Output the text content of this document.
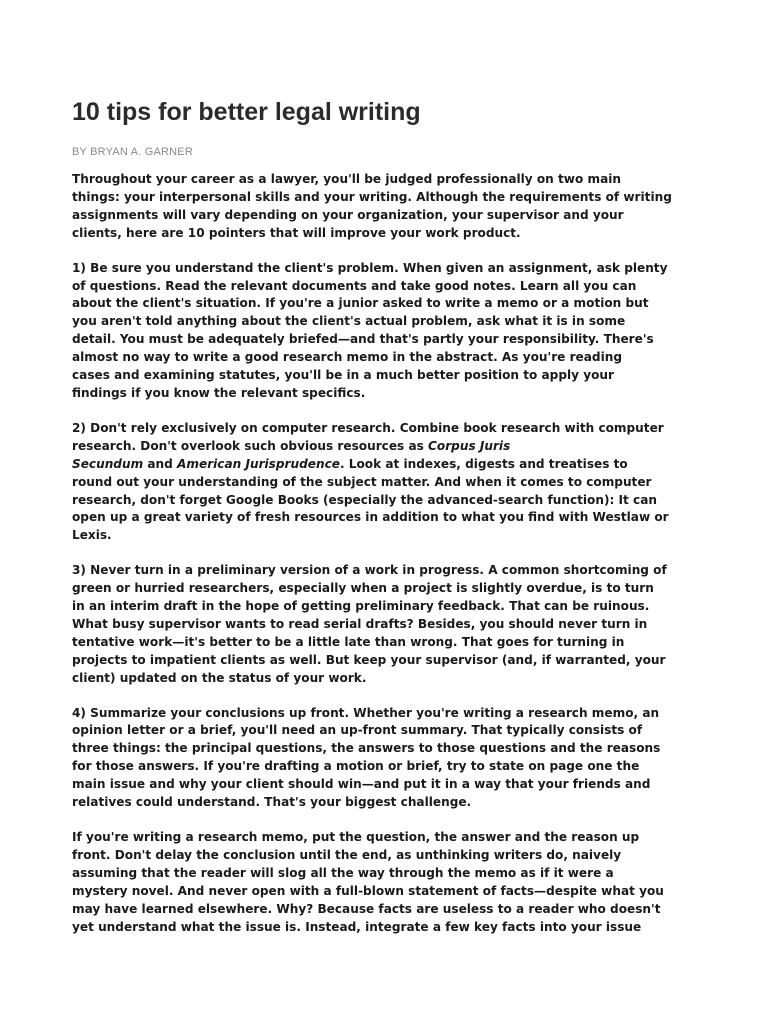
10 tips for better legal writing
BY BRYAN A. GARNER

Throughout your career as a lawyer, you'll be judged professionally on two main
things: your interpersonal skills and your writing. Although the requirements of writing
assignments will vary depending on your organization, your supervisor and your
clients, here are 10 pointers that will improve your work product.

1) Be sure you understand the client's problem. When given an assignment, ask plenty
of questions. Read the relevant documents and take good notes. Learn all you can
about the client's situation. If you're a junior asked to write a memo or a motion but
you aren't told anything about the client's actual problem, ask what it is in some
detail. You must be adequately briefed—and that's partly your responsibility. There's
almost no way to write a good research memo in the abstract. As you're reading
cases and examining statutes, you'll be in a much better position to apply your
findings if you know the relevant specifics.

2) Don't rely exclusively on computer research. Combine book research with computer
research. Don't overlook such obvious resources as Corpus Juris
Secundum and American Jurisprudence. Look at indexes, digests and treatises to
round out your understanding of the subject matter. And when it comes to computer
research, don't forget Google Books (especially the advanced-search function): It can
open up a great variety of fresh resources in addition to what you find with Westlaw or
Lexis.

3) Never turn in a preliminary version of a work in progress. A common shortcoming of
green or hurried researchers, especially when a project is slightly overdue, is to turn
in an interim draft in the hope of getting preliminary feedback. That can be ruinous.
What busy supervisor wants to read serial drafts? Besides, you should never turn in
tentative work—it's better to be a little late than wrong. That goes for turning in
projects to impatient clients as well. But keep your supervisor (and, if warranted, your
client) updated on the status of your work.

4) Summarize your conclusions up front. Whether you're writing a research memo, an
opinion letter or a brief, you'll need an up-front summary. That typically consists of
three things: the principal questions, the answers to those questions and the reasons
for those answers. If you're drafting a motion or brief, try to state on page one the
main issue and why your client should win—and put it in a way that your friends and
relatives could understand. That's your biggest challenge.

If you're writing a research memo, put the question, the answer and the reason up
front. Don't delay the conclusion until the end, as unthinking writers do, naively
assuming that the reader will slog all the way through the memo as if it were a
mystery novel. And never open with a full-blown statement of facts—despite what you
may have learned elsewhere. Why? Because facts are useless to a reader who doesn't
yet understand what the issue is. Instead, integrate a few key facts into your issue
